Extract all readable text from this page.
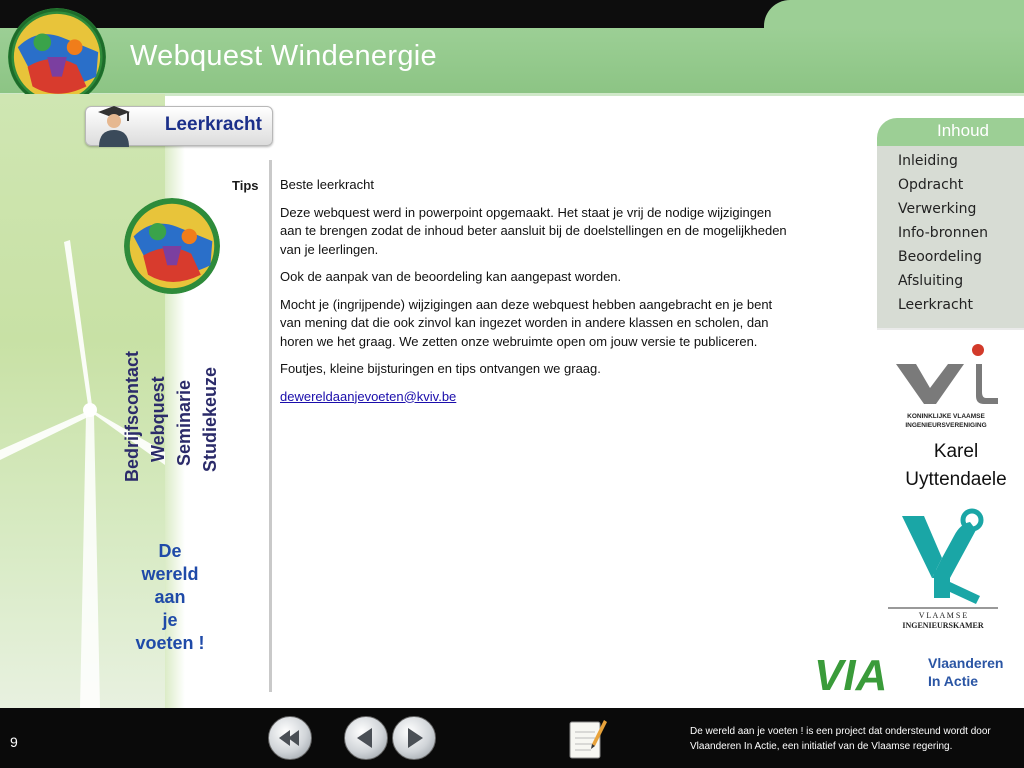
Webquest Windenergie
Leerkracht
Tips
Bedrijfscontact Webquest Seminarie Studiekeuze
De
wereld
aan
je
voeten !

Beste leerkracht

Deze webquest werd in powerpoint opgemaakt. Het staat je vrij de nodige wijzigingen aan te brengen zodat de inhoud beter aansluit bij de doelstellingen en de mogelijkheden van je leerlingen.

Ook de aanpak van de beoordeling kan aangepast worden.

Mocht je (ingrijpende) wijzigingen aan deze webquest hebben aangebracht en je bent van mening dat die ook zinvol kan ingezet worden in andere klassen en scholen, dan horen we het graag. We zetten onze webruimte open om jouw versie te publiceren.

Foutjes, kleine bijsturingen en tips ontvangen we graag.

dewereldaanjevoeten@kviv.be

Inhoud
Inleiding
Opdracht
Verwerking
Info-bronnen
Beoordeling
Afsluiting
Leerkracht
KONINKLIJKE VLAAMSE
INGENIEURSVERENIGING
Karel
Uyttendaele
V L A A M S E
INGENIEURSKAMER
VIA	Vlaanderen
In Actie
9
De wereld aan je voeten ! is een project dat ondersteund wordt door Vlaanderen In Actie, een initiatief van de Vlaamse regering.
